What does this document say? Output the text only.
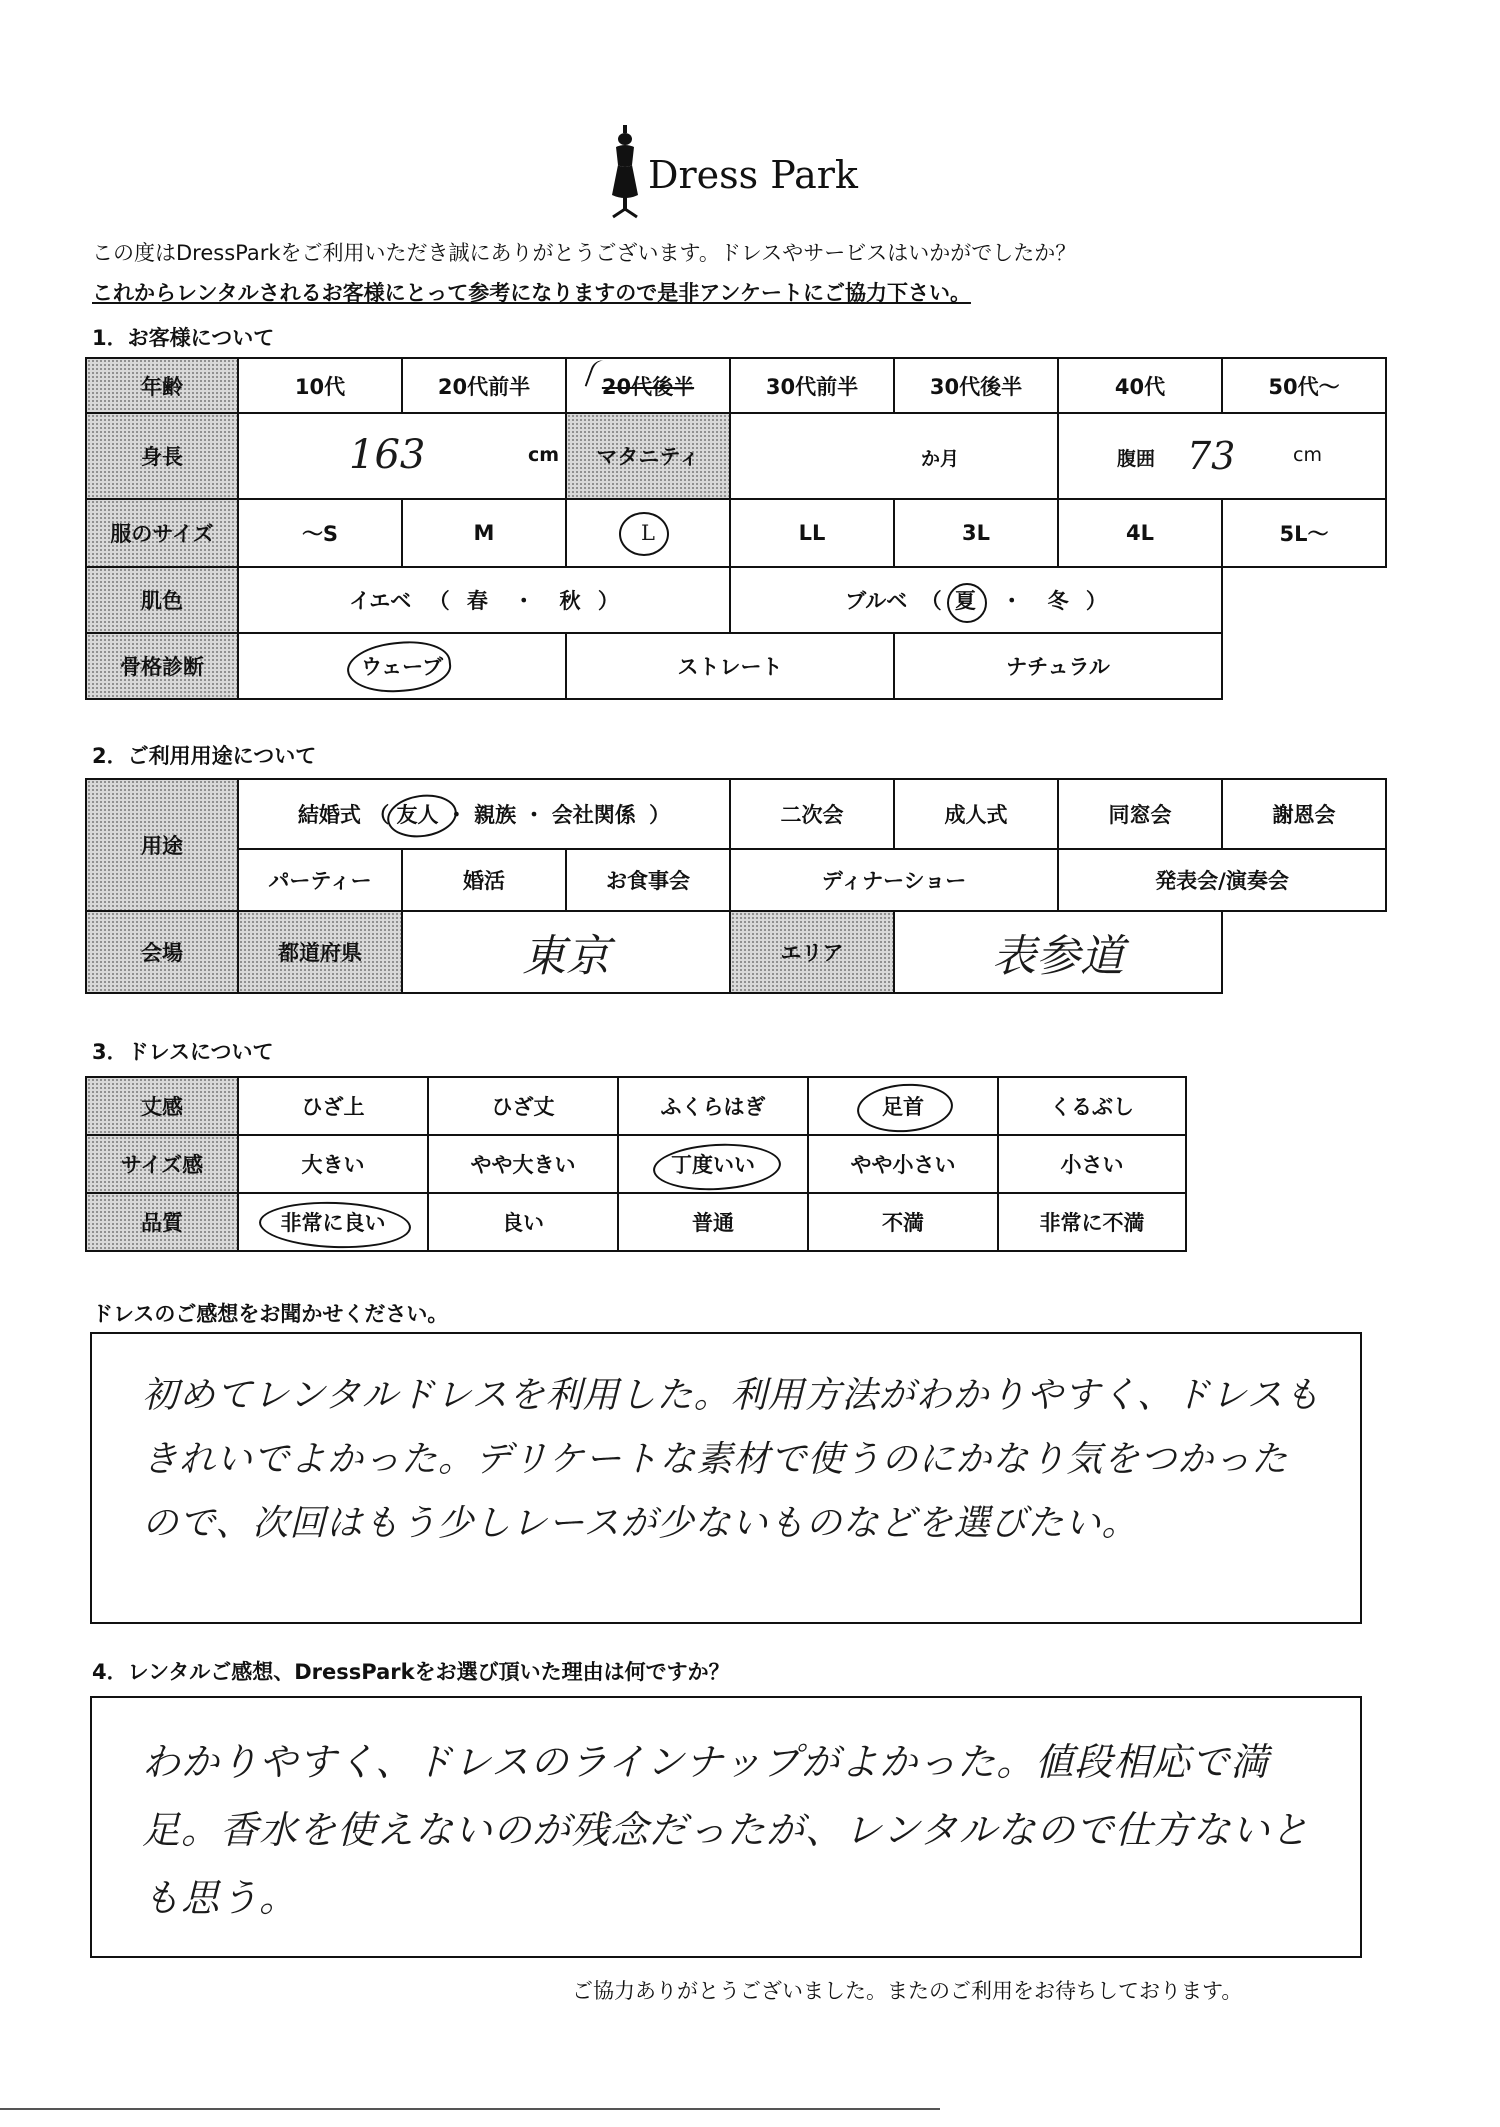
Dress Park
この度はDressParkをご利用いただき誠にありがとうございます。ドレスやサービスはいかがでしたか？
これからレンタルされるお客様にとって参考になりますので是非アンケートにご協力下さい。
1．お客様について
年齢	10代	20代前半	20代後半	30代前半	30代後半	40代	50代～
身長	163 cm		マタニティ	か月		腹囲 73 cm	

服のサイズ	～S	M	L	LL	3L	4L	5L～
肌色	イエベ （ 春 ・ 秋 ）			ブルベ （ 夏 ・ 冬 ）			
骨格診断	ウェーブ		ストレート		ナチュラル		
2．ご利用用途について
用途	結婚式 （ 友人 ・ 親族 ・ 会社関係 ）			二次会	成人式	同窓会	謝恩会
	パーティー	婚活	お食事会	ディナーショー		発表会/演奏会	
会場	都道府県	東京		エリア	表参道		
3．ドレスについて
丈感	ひざ上	ひざ丈	ふくらはぎ	足首	くるぶし
サイズ感	大きい	やや大きい	丁度いい	やや小さい	小さい
品質	非常に良い	良い	普通	不満	非常に不満
ドレスのご感想をお聞かせください。
初めてレンタルドレスを利用した。利用方法がわかりやすく、ドレスもきれいでよかった。デリケートな素材で使うのにかなり気をつかったので、次回はもう少しレースが少ないものなどを選びたい。
4．レンタルご感想、DressParkをお選び頂いた理由は何ですか？
わかりやすく、ドレスのラインナップがよかった。値段相応で満足。香水を使えないのが残念だったが、レンタルなので仕方ないとも思う。
ご協力ありがとうございました。またのご利用をお待ちしております。
